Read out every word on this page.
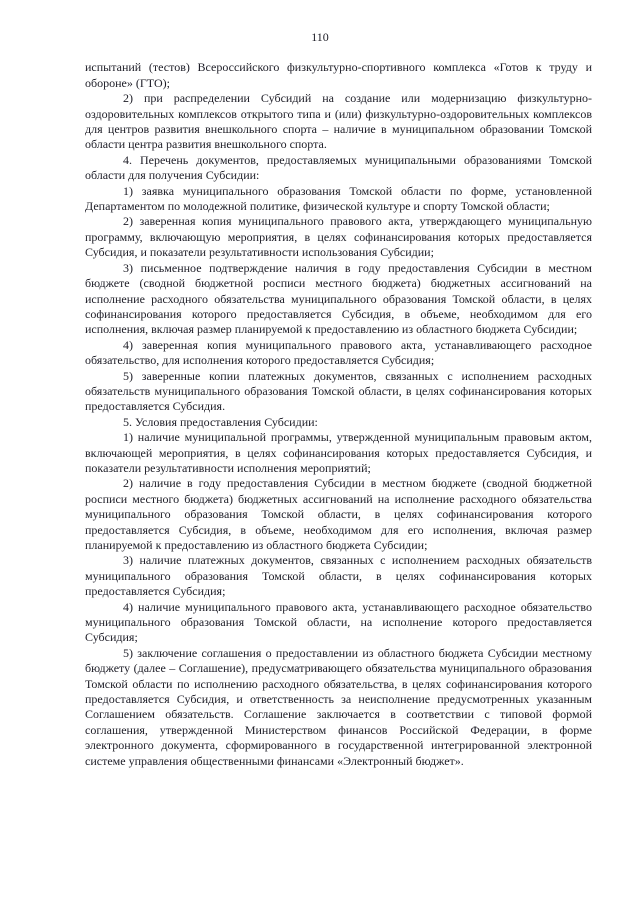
110

испытаний (тестов) Всероссийского физкультурно-спортивного комплекса «Готов к труду и обороне» (ГТО);

2) при распределении Субсидий на создание или модернизацию физкультурно-оздоровительных комплексов открытого типа и (или) физкультурно-оздоровительных комплексов для центров развития внешкольного спорта – наличие в муниципальном образовании Томской области центра развития внешкольного спорта.

4. Перечень документов, предоставляемых муниципальными образованиями Томской области для получения Субсидии:

1) заявка муниципального образования Томской области по форме, установленной Департаментом по молодежной политике, физической культуре и спорту Томской области;

2) заверенная копия муниципального правового акта, утверждающего муниципальную программу, включающую мероприятия, в целях софинансирования которых предоставляется Субсидия, и показатели результативности использования Субсидии;

3) письменное подтверждение наличия в году предоставления Субсидии в местном бюджете (сводной бюджетной росписи местного бюджета) бюджетных ассигнований на исполнение расходного обязательства муниципального образования Томской области, в целях софинансирования которого предоставляется Субсидия, в объеме, необходимом для его исполнения, включая размер планируемой к предоставлению из областного бюджета Субсидии;

4) заверенная копия муниципального правового акта, устанавливающего расходное обязательство, для исполнения которого предоставляется Субсидия;

5) заверенные копии платежных документов, связанных с исполнением расходных обязательств муниципального образования Томской области, в целях софинансирования которых предоставляется Субсидия.

5. Условия предоставления Субсидии:

1) наличие муниципальной программы, утвержденной муниципальным правовым актом, включающей мероприятия, в целях софинансирования которых предоставляется Субсидия, и показатели результативности исполнения мероприятий;

2) наличие в году предоставления Субсидии в местном бюджете (сводной бюджетной росписи местного бюджета) бюджетных ассигнований на исполнение расходного обязательства муниципального образования Томской области, в целях софинансирования которого предоставляется Субсидия, в объеме, необходимом для его исполнения, включая размер планируемой к предоставлению из областного бюджета Субсидии;

3) наличие платежных документов, связанных с исполнением расходных обязательств муниципального образования Томской области, в целях софинансирования которых предоставляется Субсидия;

4) наличие муниципального правового акта, устанавливающего расходное обязательство муниципального образования Томской области, на исполнение которого предоставляется Субсидия;

5) заключение соглашения о предоставлении из областного бюджета Субсидии местному бюджету (далее – Соглашение), предусматривающего обязательства муниципального образования Томской области по исполнению расходного обязательства, в целях софинансирования которого предоставляется Субсидия, и ответственность за неисполнение предусмотренных указанным Соглашением обязательств. Соглашение заключается в соответствии с типовой формой соглашения, утвержденной Министерством финансов Российской Федерации, в форме электронного документа, сформированного в государственной интегрированной электронной системе управления общественными финансами «Электронный бюджет».
